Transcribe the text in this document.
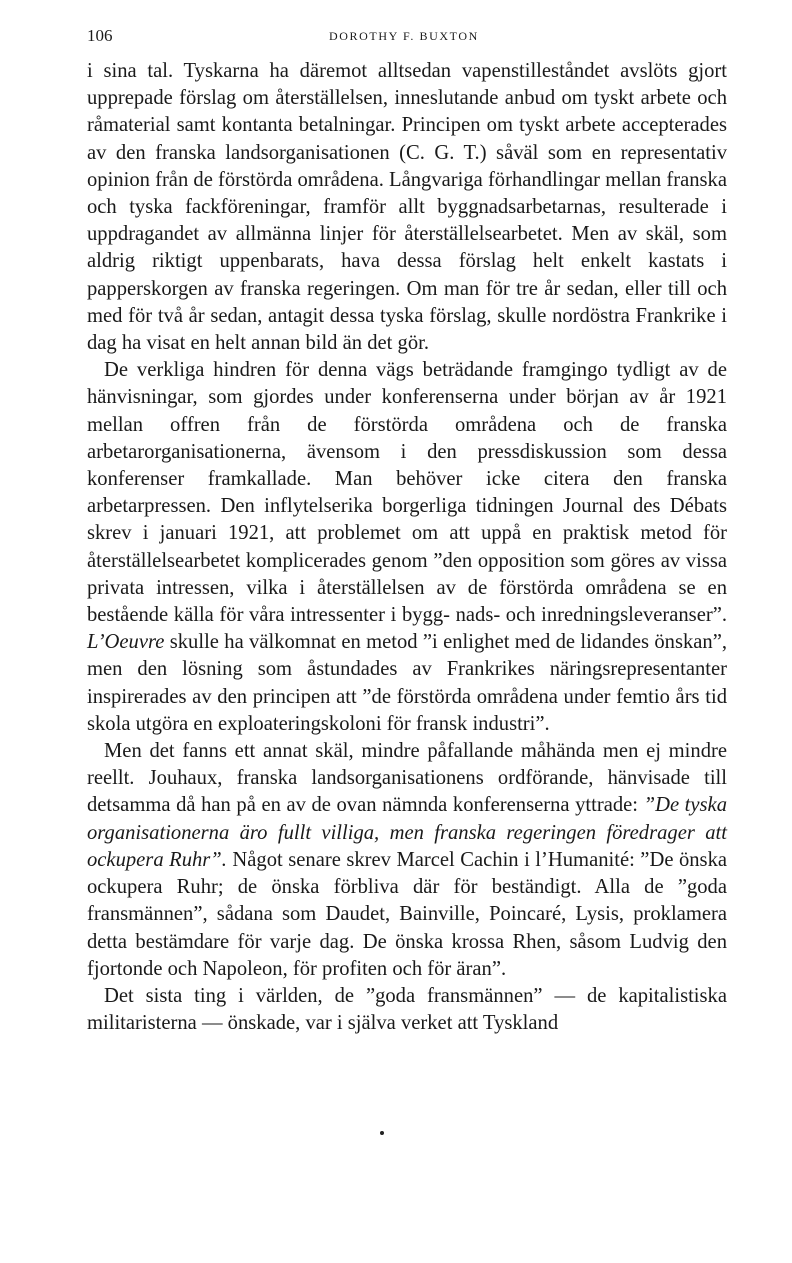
106	DOROTHY F. BUXTON

i sina tal. Tyskarna ha däremot alltsedan vapenstilleståndet avslöts gjort upprepade förslag om återställelsen, inneslutande anbud om tyskt arbete och råmaterial samt kontanta betalningar. Principen om tyskt arbete accepterades av den franska landsorganisationen (C. G. T.) såväl som en representativ opinion från de förstörda områdena. Långvariga förhandlingar mellan franska och tyska fackföreningar, framför allt byggnadsarbetarnas, resulterade i uppdragandet av allmänna linjer för återställelsearbetet. Men av skäl, som aldrig riktigt uppenbarats, hava dessa förslag helt enkelt kastats i papperskorgen av franska regeringen. Om man för tre år sedan, eller till och med för två år sedan, antagit dessa tyska förslag, skulle nordöstra Frankrike i dag ha visat en helt annan bild än det gör.

De verkliga hindren för denna vägs beträdande framgingo tydligt av de hänvisningar, som gjordes under konferenserna under början av år 1921 mellan offren från de förstörda områdena och de franska arbetarorganisationerna, ävensom i den pressdiskussion som dessa konferenser framkallade. Man behöver icke citera den franska arbetarpressen. Den inflytelserika borgerliga tidningen Journal des Débats skrev i januari 1921, att problemet om att uppå en praktisk metod för återställelsearbetet komplicerades genom ”den opposition som göres av vissa privata intressen, vilka i återställelsen av de förstörda områdena se en bestående källa för våra intressenter i bygg- nads- och inredningsleveranser”. L’Oeuvre skulle ha välkomnat en metod ”i enlighet med de lidandes önskan”, men den lösning som åstundades av Frankrikes näringsrepresentanter inspirerades av den principen att ”de förstörda områdena under femtio års tid skola utgöra en exploateringskoloni för fransk industri”.

Men det fanns ett annat skäl, mindre påfallande måhända men ej mindre reellt. Jouhaux, franska landsorganisationens ordförande, hänvisade till detsamma då han på en av de ovan nämnda konferenserna yttrade: ”De tyska organisationerna äro fullt villiga, men franska regeringen föredrager att ockupera Ruhr”. Något senare skrev Marcel Cachin i l’Humanité: ”De önska ockupera Ruhr; de önska förbliva där för beständigt. Alla de ”goda fransmännen”, sådana som Daudet, Bainville, Poincaré, Lysis, proklamera detta bestämdare för varje dag. De önska krossa Rhen, såsom Ludvig den fjortonde och Napoleon, för profiten och för äran”.

Det sista ting i världen, de ”goda fransmännen” — de kapitalistiska militaristerna — önskade, var i själva verket att Tyskland
